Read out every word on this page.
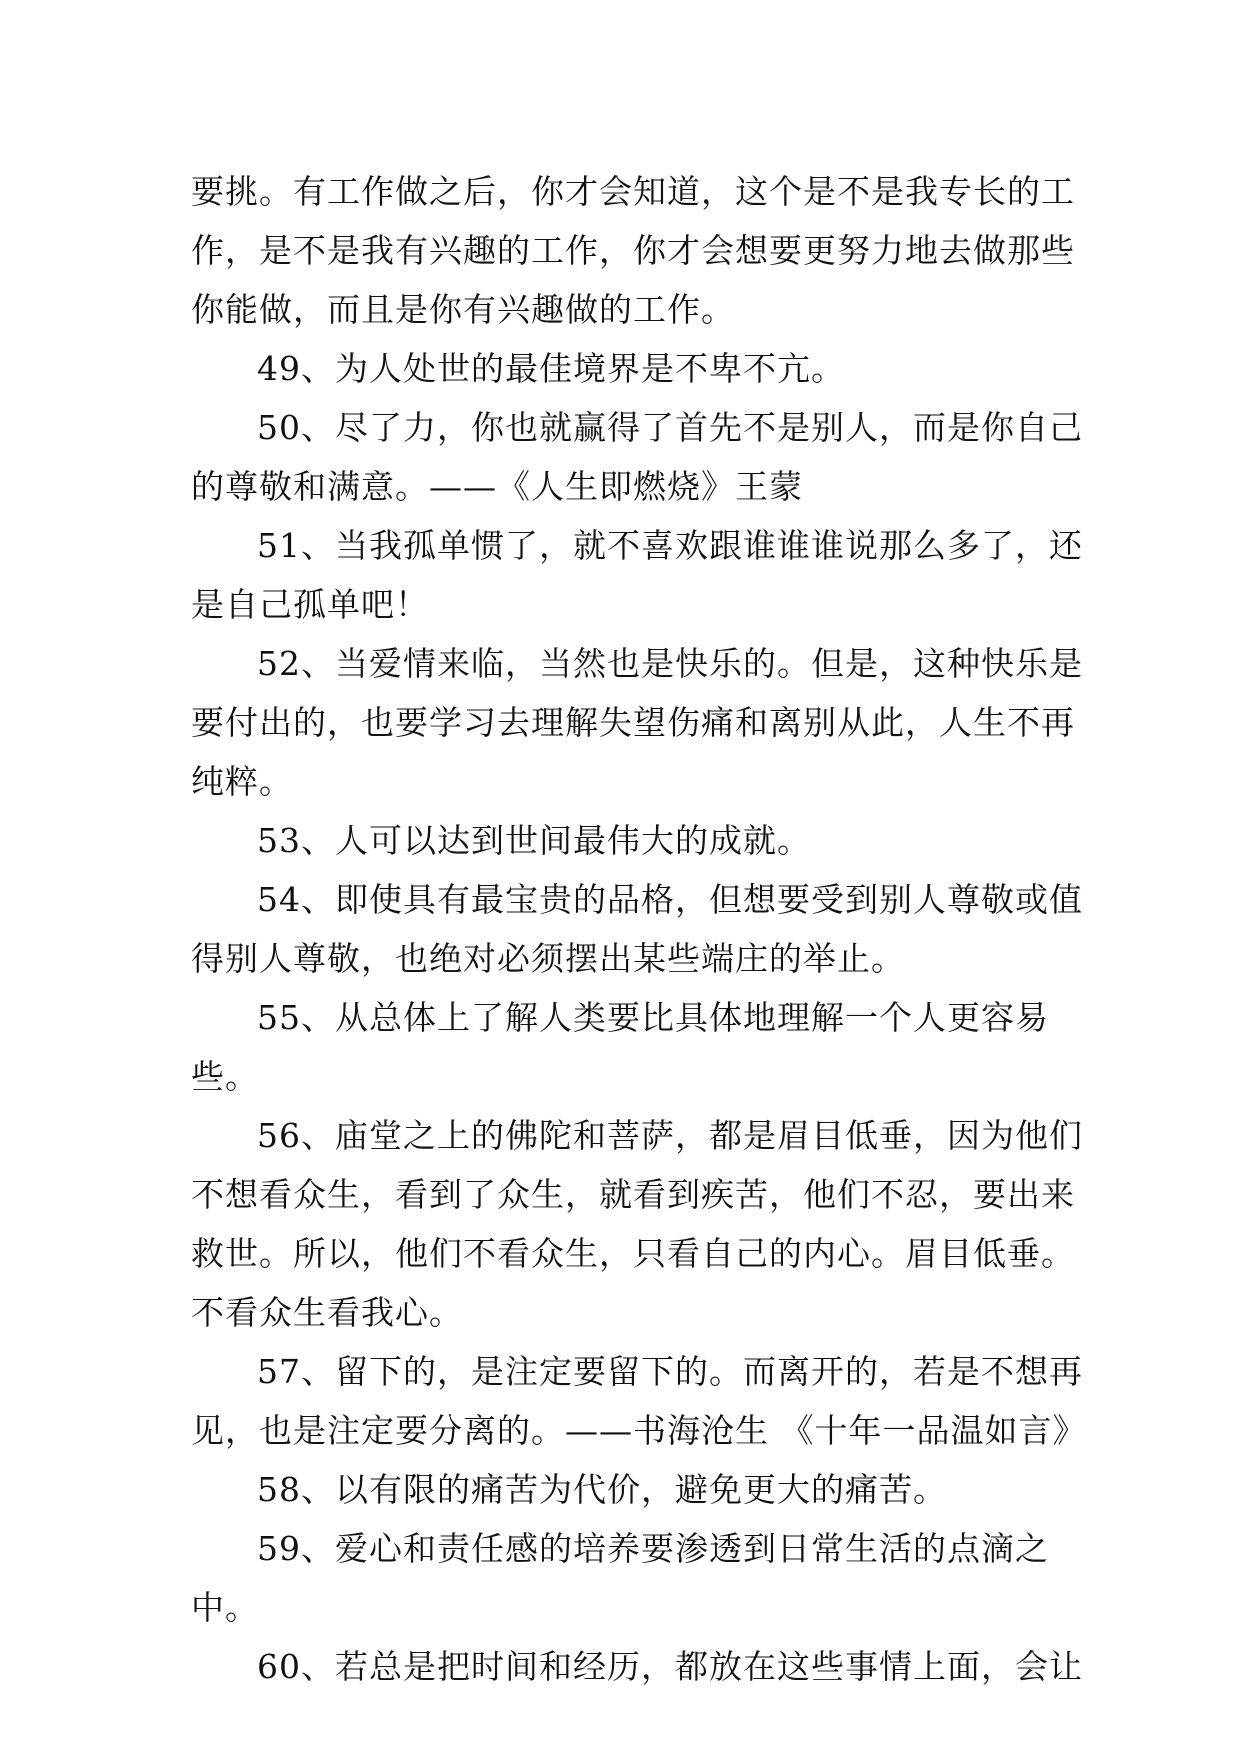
要挑。有工作做之后，你才会知道，这个是不是我专长的工作，是不是我有兴趣的工作，你才会想要更努力地去做那些你能做，而且是你有兴趣做的工作。

49、为人处世的最佳境界是不卑不亢。

50、尽了力，你也就赢得了首先不是别人，而是你自己的尊敬和满意。——《人生即燃烧》王蒙

51、当我孤单惯了，就不喜欢跟谁谁谁说那么多了，还是自己孤单吧！

52、当爱情来临，当然也是快乐的。但是，这种快乐是要付出的，也要学习去理解失望伤痛和离别从此，人生不再纯粹。

53、人可以达到世间最伟大的成就。

54、即使具有最宝贵的品格，但想要受到别人尊敬或值得别人尊敬，也绝对必须摆出某些端庄的举止。

55、从总体上了解人类要比具体地理解一个人更容易些。

56、庙堂之上的佛陀和菩萨，都是眉目低垂，因为他们不想看众生，看到了众生，就看到疾苦，他们不忍，要出来救世。所以，他们不看众生，只看自己的内心。眉目低垂。不看众生看我心。

57、留下的，是注定要留下的。而离开的，若是不想再见，也是注定要分离的。——书海沧生 《十年一品温如言》

58、以有限的痛苦为代价，避免更大的痛苦。

59、爱心和责任感的培养要渗透到日常生活的点滴之中。

60、若总是把时间和经历，都放在这些事情上面，会让
